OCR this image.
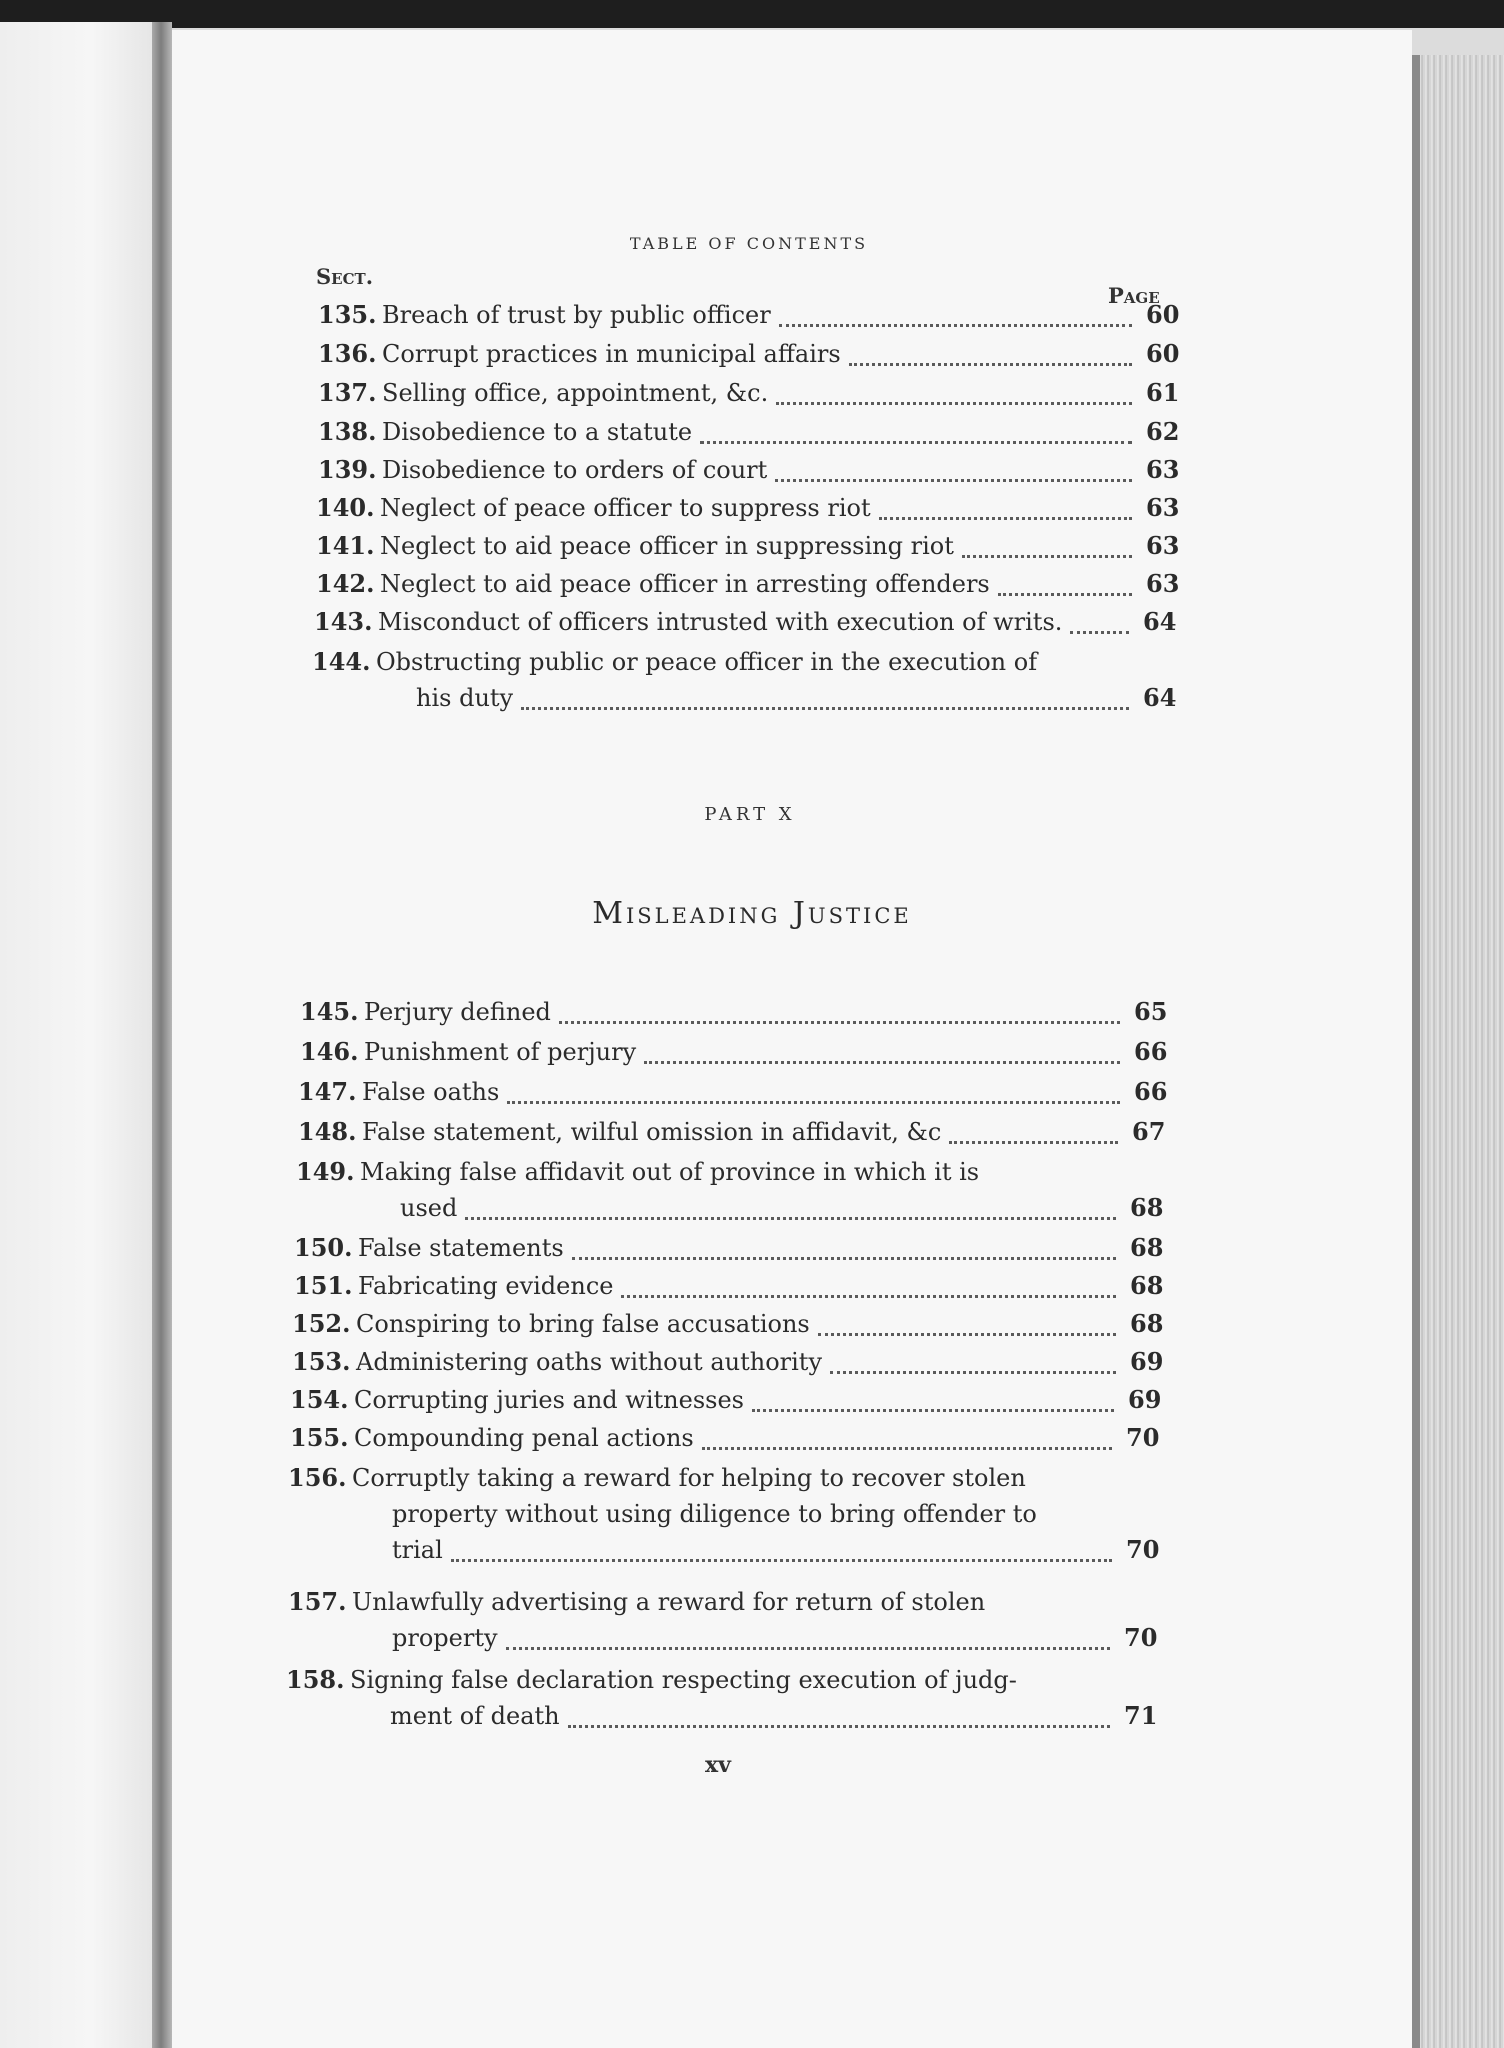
TABLE OF CONTENTS
Sect.
Page
135. Breach of trust by public officer	60
136. Corrupt practices in municipal affairs	60
137. Selling office, appointment, &c.	61
138. Disobedience to a statute	62
139. Disobedience to orders of court	63
140. Neglect of peace officer to suppress riot	63
141. Neglect to aid peace officer in suppressing riot	63
142. Neglect to aid peace officer in arresting offenders	63
143. Misconduct of officers intrusted with execution of writs.	64
144. Obstructing public or peace officer in the execution of
his duty	64
145. Perjury defined	65
146. Punishment of perjury	66
147. False oaths	66
148. False statement, wilful omission in affidavit, &c	67
149. Making false affidavit out of province in which it is
used	68
150. False statements	68
151. Fabricating evidence	68
152. Conspiring to bring false accusations	68
153. Administering oaths without authority	69
154. Corrupting juries and witnesses	69
155. Compounding penal actions	70
156. Corruptly taking a reward for helping to recover stolen
property without using diligence to bring offender to
trial	70
157. Unlawfully advertising a reward for return of stolen
property	70
158. Signing false declaration respecting execution of judg-
ment of death	71
PART X
Misleading Justice
xv
